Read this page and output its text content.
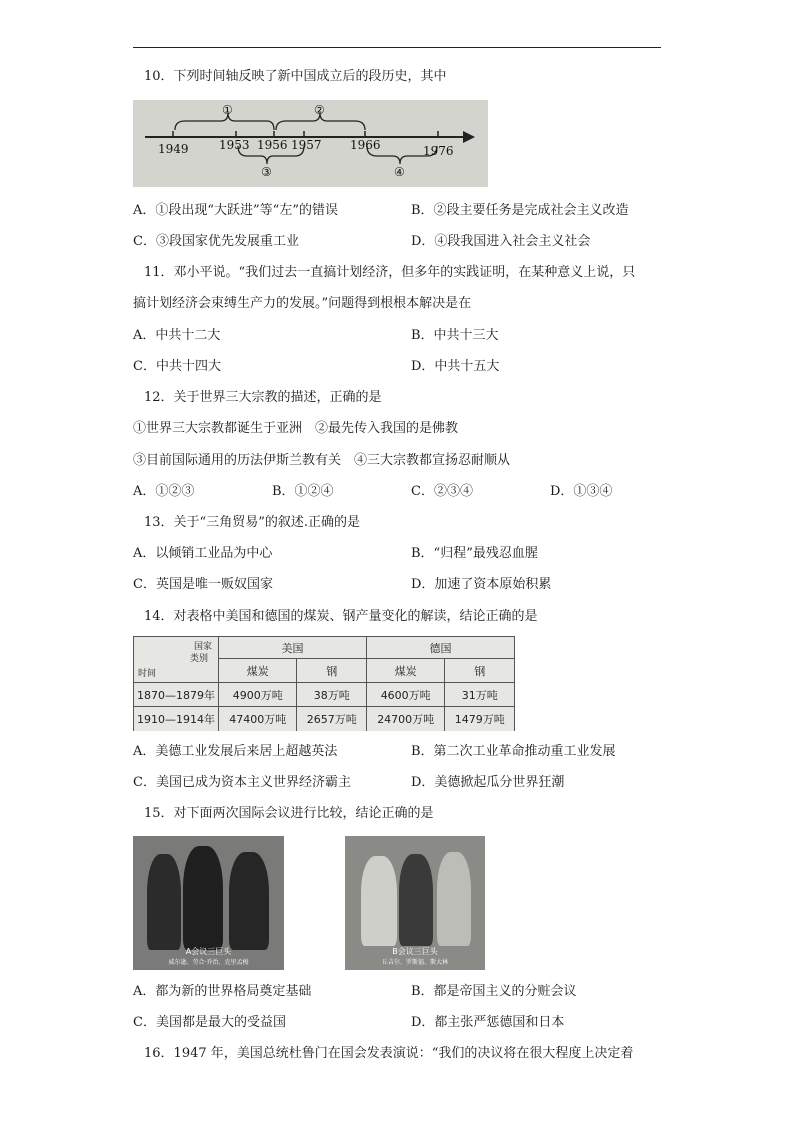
10．下列时间轴反映了新中国成立后的段历史，其中
1949	1953 1956 1957 1966	1976
①	②
③	④
A．①段出现“大跃进”等“左”的错误	B．②段主要任务是完成社会主义改造
C．③段国家优先发展重工业	D．④段我国进入社会主义社会
11．邓小平说。“我们过去一直搞计划经济，但多年的实践证明，在某种意义上说，只
搞计划经济会束缚生产力的发展。”问题得到根根本解决是在
A．中共十二大	B．中共十三大
C．中共十四大	D．中共十五大
12．关于世界三大宗教的描述，正确的是
①世界三大宗教都诞生于亚洲　②最先传入我国的是佛教
③目前国际通用的历法伊斯兰教有关　④三大宗教都宣扬忍耐顺从
A．①②③	B．①②④	C．②③④	D．①③④
13．关于“三角贸易”的叙述.正确的是
A．以倾销工业品为中心	B．“归程”最残忍血腥
C．英国是唯一贩奴国家	D．加速了资本原始积累
14．对表格中美国和德国的煤炭、钢产量变化的解读，结论正确的是
国家
类别
时间	美国		德国	
	煤炭	钢	煤炭	钢
1870—1879年	4900万吨	38万吨	4600万吨	31万吨
1910—1914年	47400万吨	2657万吨	24700万吨	1479万吨
A．美德工业发展后来居上超越英法	B．第二次工业革命推动重工业发展
C．美国已成为资本主义世界经济霸主	D．美德掀起瓜分世界狂潮
15．对下面两次国际会议进行比较，结论正确的是
A会议三巨头
威尔逊、劳合·乔治、克里孟梭
B会议三巨头
丘吉尔、罗斯福、斯大林
A．都为新的世界格局奠定基础	B．都是帝国主义的分赃会议
C．美国都是最大的受益国	D．都主张严惩德国和日本
16．1947 年，美国总统杜鲁门在国会发表演说：“我们的决议将在很大程度上决定着
